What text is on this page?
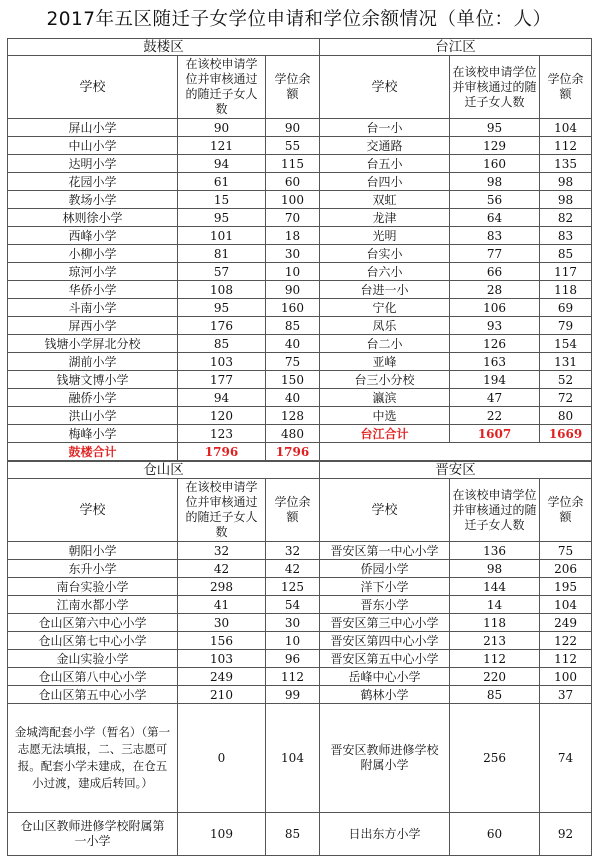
2017年五区随迁子女学位申请和学位余额情况（单位：人）
鼓楼区			台江区		
学校	在该校申请学位并审核通过的随迁子女人数	学位余额	学校	在该校申请学位并审核通过的随迁子女人数	学位余额
屏山小学	90	90	台一小	95	104
中山小学	121	55	交通路	129	112
达明小学	94	115	台五小	160	135
花园小学	61	60	台四小	98	98
教场小学	15	100	双虹	56	98
林则徐小学	95	70	龙津	64	82
西峰小学	101	18	光明	83	83
小柳小学	81	30	台实小	77	85
琼河小学	57	10	台六小	66	117
华侨小学	108	90	台进一小	28	118
斗南小学	95	160	宁化	106	69
屏西小学	176	85	凤乐	93	79
钱塘小学屏北分校	85	40	台二小	126	154
湖前小学	103	75	亚峰	163	131
钱塘文博小学	177	150	台三小分校	194	52
融侨小学	94	40	瀛滨	47	72
洪山小学	120	128	中选	22	80
梅峰小学	123	480	台江合计	1607	1669
鼓楼合计	1796	1796			
仓山区			晋安区		
学校	在该校申请学位并审核通过的随迁子女人数	学位余额	学校	在该校申请学位并审核通过的随迁子女人数	学位余额
朝阳小学	32	32	晋安区第一中心小学	136	75
东升小学	42	42	侨园小学	98	206
南台实验小学	298	125	洋下小学	144	195
江南水都小学	41	54	晋东小学	14	104
仓山区第六中心小学	30	30	晋安区第三中心小学	118	249
仓山区第七中心小学	156	10	晋安区第四中心小学	213	122
金山实验小学	103	96	晋安区第五中心小学	112	112
仓山区第八中心小学	249	112	岳峰中心小学	220	100
仓山区第五中心小学	210	99	鹤林小学	85	37
金城湾配套小学（暂名）（第一志愿无法填报，二、三志愿可报。配套小学未建成，在仓五小过渡，建成后转回。）	0	104	晋安区教师进修学校附属小学	256	74
仓山区教师进修学校附属第一小学	109	85	日出东方小学	60	92
